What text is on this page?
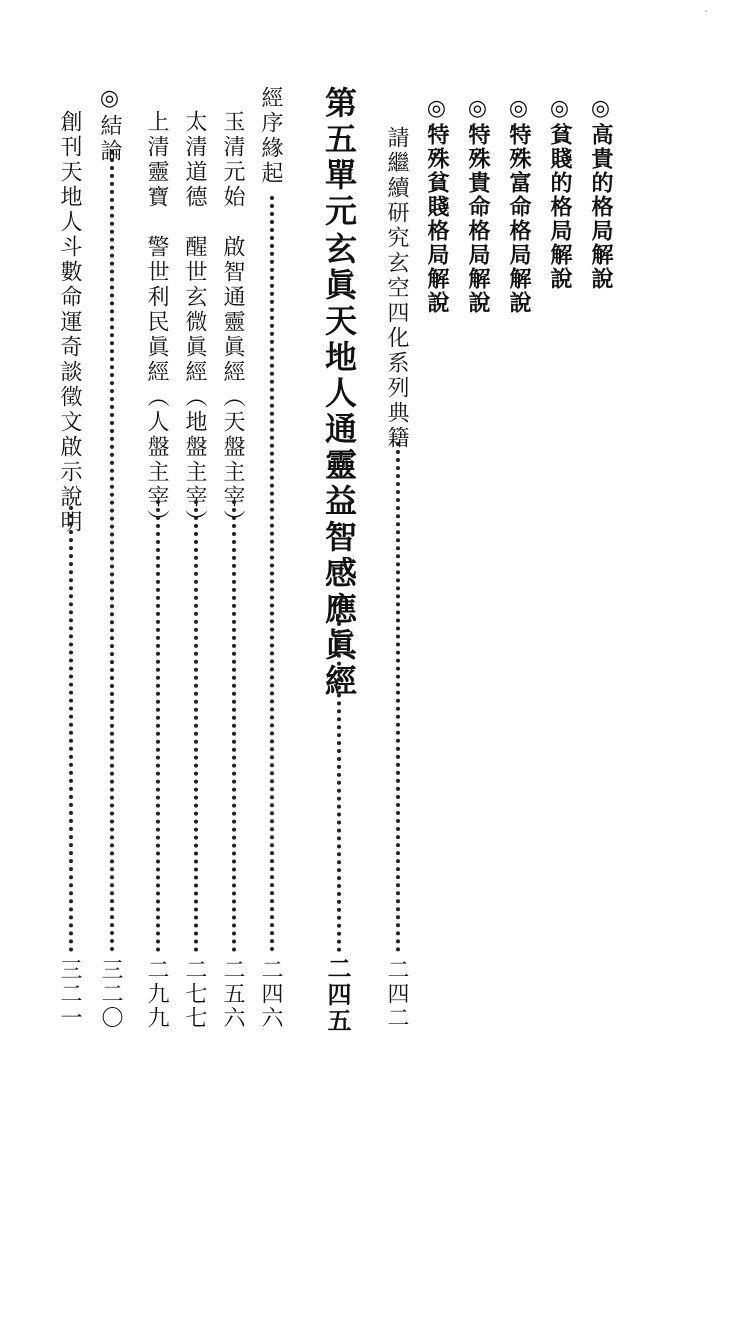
◎高貴的格局解說
◎貧賤的格局解說
◎特殊富命格局解說
◎特殊貴命格局解說
◎特殊貧賤格局解說
請繼續研究玄空四化系列典籍
二四二
第五單元
玄眞天地人通靈益智感應眞經
二四五
經序緣起
二四六
玉清元始　啟智通靈眞經（天盤主宰）
二五六
太清道德　醒世玄微眞經（地盤主宰）
二七七
上清靈寶　警世利民眞經（人盤主宰）
二九九
◎結論
三二〇
創刊天地人斗數命運奇談徵文啟示說明
三二一
